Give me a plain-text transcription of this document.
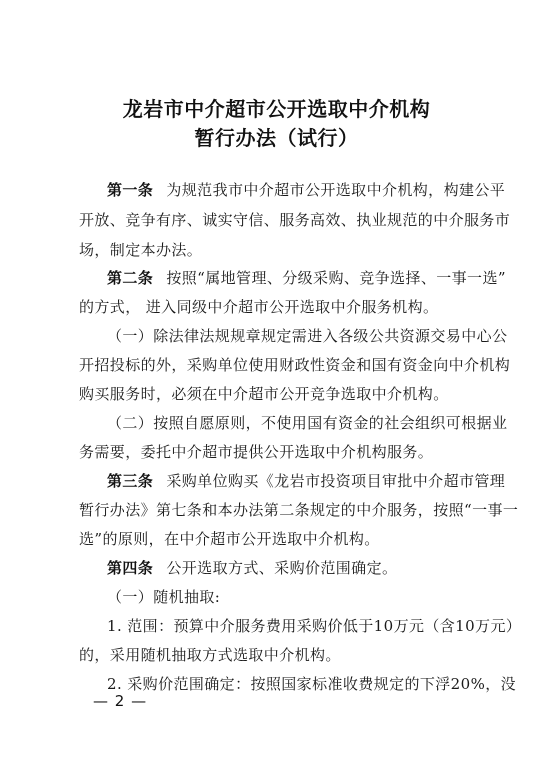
龙岩市中介超市公开选取中介机构
暂行办法（试行）
第一条 为规范我市中介超市公开选取中介机构，构建公平
开放、竞争有序、诚实守信、服务高效、执业规范的中介服务市
场，制定本办法。
第二条 按照“属地管理、分级采购、竞争选择、一事一选”
的方式， 进入同级中介超市公开选取中介服务机构。
（一）除法律法规规章规定需进入各级公共资源交易中心公
开招投标的外，采购单位使用财政性资金和国有资金向中介机构
购买服务时，必须在中介超市公开竞争选取中介机构。
（二）按照自愿原则，不使用国有资金的社会组织可根据业
务需要，委托中介超市提供公开选取中介机构服务。
第三条 采购单位购买《龙岩市投资项目审批中介超市管理
暂行办法》第七条和本办法第二条规定的中介服务，按照“一事一
选”的原则，在中介超市公开选取中介机构。
第四条 公开选取方式、采购价范围确定。
（一）随机抽取:
1. 范围：预算中介服务费用采购价低于10万元（含10万元）
的，采用随机抽取方式选取中介机构。
2. 采购价范围确定：按照国家标准收费规定的下浮20%，没
— 2 —
